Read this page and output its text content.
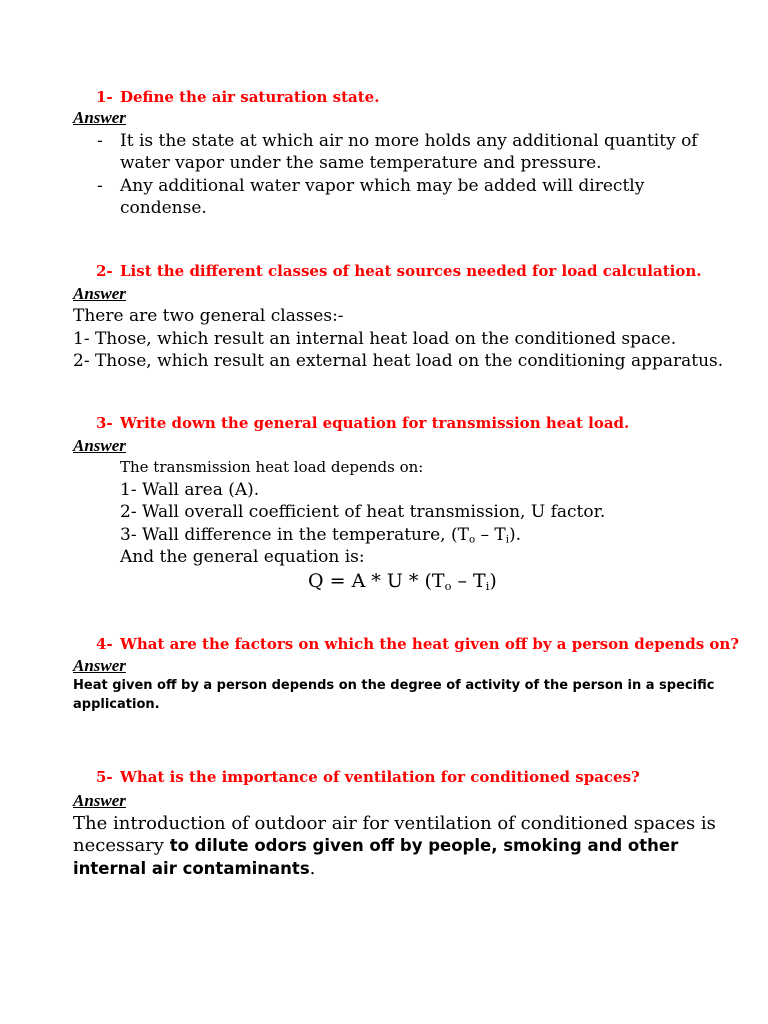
1- Define the air saturation state.
Answer
- It is the state at which air no more holds any additional quantity of
water vapor under the same temperature and pressure.
- Any additional water vapor which may be added will directly
condense.
2- List the different classes of heat sources needed for load calculation.
Answer
There are two general classes:-
1- Those, which result an internal heat load on the conditioned space.
2- Those, which result an external heat load on the conditioning apparatus.
3- Write down the general equation for transmission heat load.
Answer
The transmission heat load depends on:
1- Wall area (A).
2- Wall overall coefficient of heat transmission, U factor.
3- Wall difference in the temperature, $(T_o - T_i)$.
And the general equation is:
$Q = A * U * (T_o - T_i)$
4- What are the factors on which the heat given off by a person depends on?
Answer
Heat given off by a person depends on the degree of activity of the person in a specific
application.
5- What is the importance of ventilation for conditioned spaces?
Answer
The introduction of outdoor air for ventilation of conditioned spaces is
necessary to dilute odors given off by people, smoking and other
internal air contaminants.
